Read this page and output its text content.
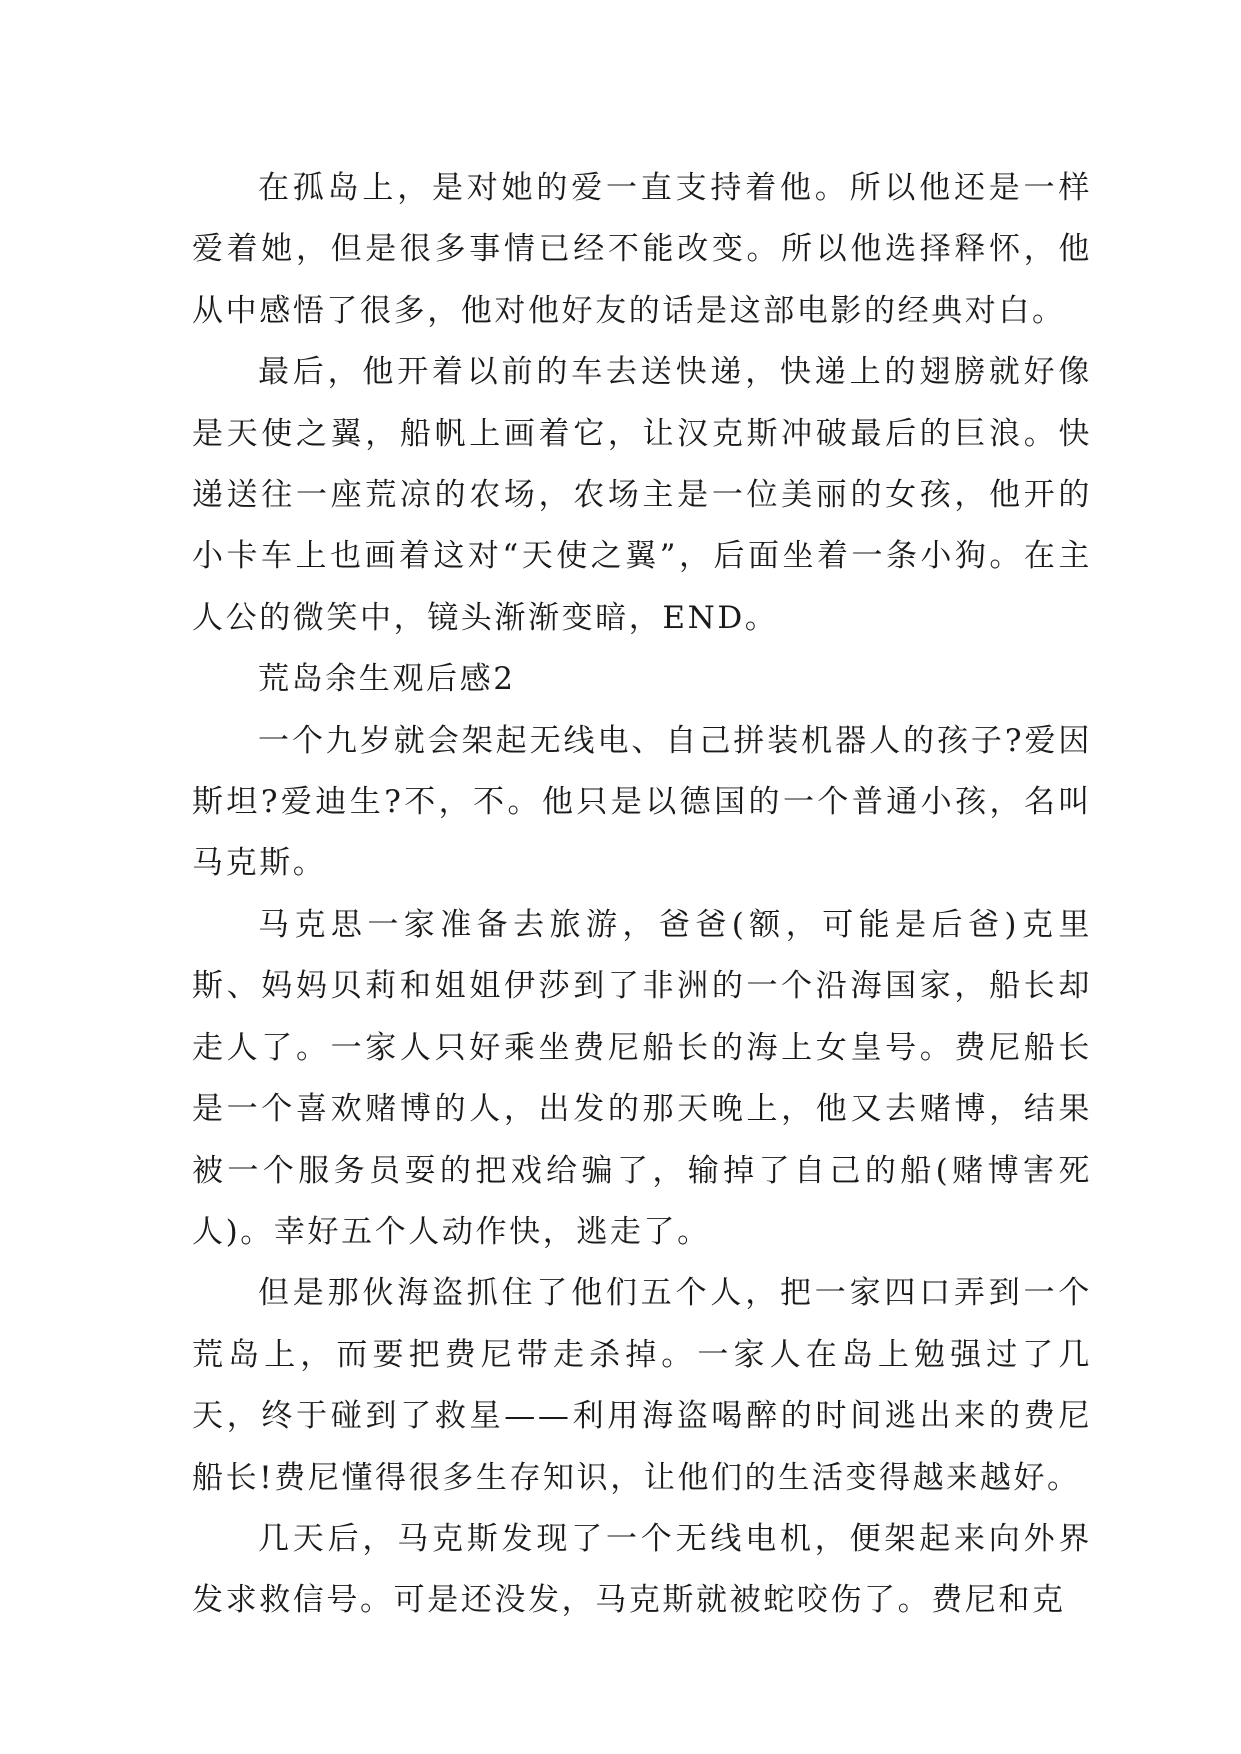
在孤岛上，是对她的爱一直支持着他。所以他还是一样爱着她，但是很多事情已经不能改变。所以他选择释怀，他从中感悟了很多，他对他好友的话是这部电影的经典对白。

最后，他开着以前的车去送快递，快递上的翅膀就好像是天使之翼，船帆上画着它，让汉克斯冲破最后的巨浪。快递送往一座荒凉的农场，农场主是一位美丽的女孩，他开的小卡车上也画着这对“天使之翼”，后面坐着一条小狗。在主人公的微笑中，镜头渐渐变暗，END。

荒岛余生观后感2

一个九岁就会架起无线电、自己拼装机器人的孩子?爱因斯坦?爱迪生?不，不。他只是以德国的一个普通小孩，名叫马克斯。

马克思一家准备去旅游，爸爸(额，可能是后爸)克里斯、妈妈贝莉和姐姐伊莎到了非洲的一个沿海国家，船长却走人了。一家人只好乘坐费尼船长的海上女皇号。费尼船长是一个喜欢赌博的人，出发的那天晚上，他又去赌博，结果被一个服务员耍的把戏给骗了，输掉了自己的船(赌博害死人)。幸好五个人动作快，逃走了。

但是那伙海盗抓住了他们五个人，把一家四口弄到一个荒岛上，而要把费尼带走杀掉。一家人在岛上勉强过了几天，终于碰到了救星——利用海盗喝醉的时间逃出来的费尼船长!费尼懂得很多生存知识，让他们的生活变得越来越好。

几天后，马克斯发现了一个无线电机，便架起来向外界发求救信号。可是还没发，马克斯就被蛇咬伤了。费尼和克
